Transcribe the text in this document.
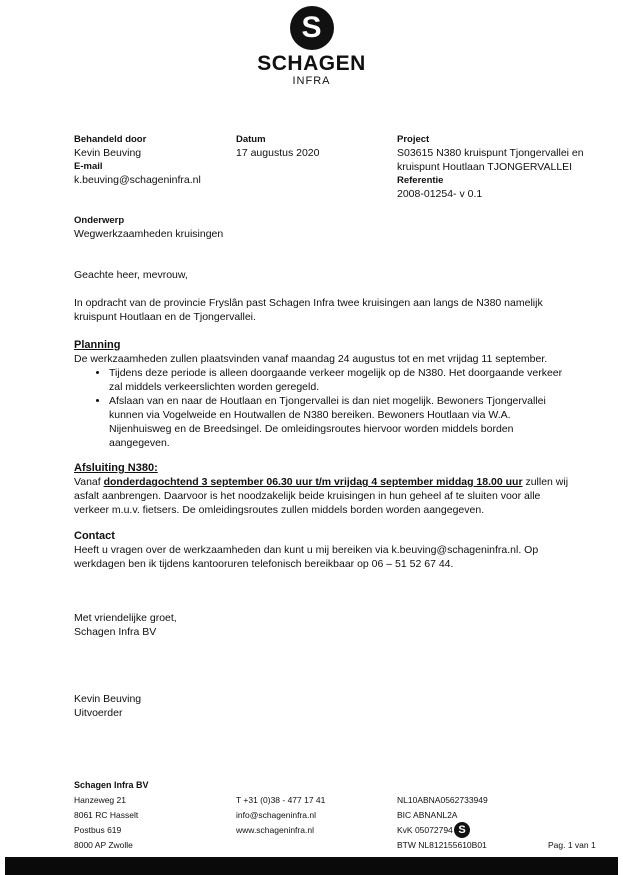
S
SCHAGEN
INFRA
Behandeld door
Kevin Beuving
E-mail
k.beuving@schageninfra.nl
Datum
17 augustus 2020
Project
S03615 N380 kruispunt Tjongervallei en
kruispunt Houtlaan TJONGERVALLEI
Referentie
2008-01254- v 0.1
Onderwerp
Wegwerkzaamheden kruisingen

Geachte heer, mevrouw,

In opdracht van de provincie Fryslân past Schagen Infra twee kruisingen aan langs de N380 namelijk kruispunt Houtlaan en de Tjongervallei.

Planning

De werkzaamheden zullen plaatsvinden vanaf maandag 24 augustus tot en met vrijdag 11 september.

• Tijdens deze periode is alleen doorgaande verkeer mogelijk op de N380. Het doorgaande verkeer zal middels verkeerslichten worden geregeld.
• Afslaan van en naar de Houtlaan en Tjongervallei is dan niet mogelijk. Bewoners Tjongervallei kunnen via Vogelweide en Houtwallen de N380 bereiken. Bewoners Houtlaan via W.A. Nijenhuisweg en de Breedsingel. De omleidingsroutes hiervoor worden middels borden aangegeven.
Afsluiting N380:

Vanaf donderdagochtend 3 september 06.30 uur t/m vrijdag 4 september middag 18.00 uur zullen wij asfalt aanbrengen. Daarvoor is het noodzakelijk beide kruisingen in hun geheel af te sluiten voor alle verkeer m.u.v. fietsers. De omleidingsroutes zullen middels borden worden aangegeven.

Contact

Heeft u vragen over de werkzaamheden dan kunt u mij bereiken via k.beuving@schageninfra.nl. Op werkdagen ben ik tijdens kantooruren telefonisch bereikbaar op 06 – 51 52 67 44.

Met vriendelijke groet,
Schagen Infra BV
Kevin Beuving
Uitvoerder
Schagen Infra BV
Hanzeweg 21
8061 RC Hasselt
Postbus 619
8000 AP Zwolle
T +31 (0)38 - 477 17 41
info@schageninfra.nl
www.schageninfra.nl
NL10ABNA0562733949
BIC ABNANL2A
KvK 05072794
BTW NL812155610B01	Pag. 1 van 1
S
